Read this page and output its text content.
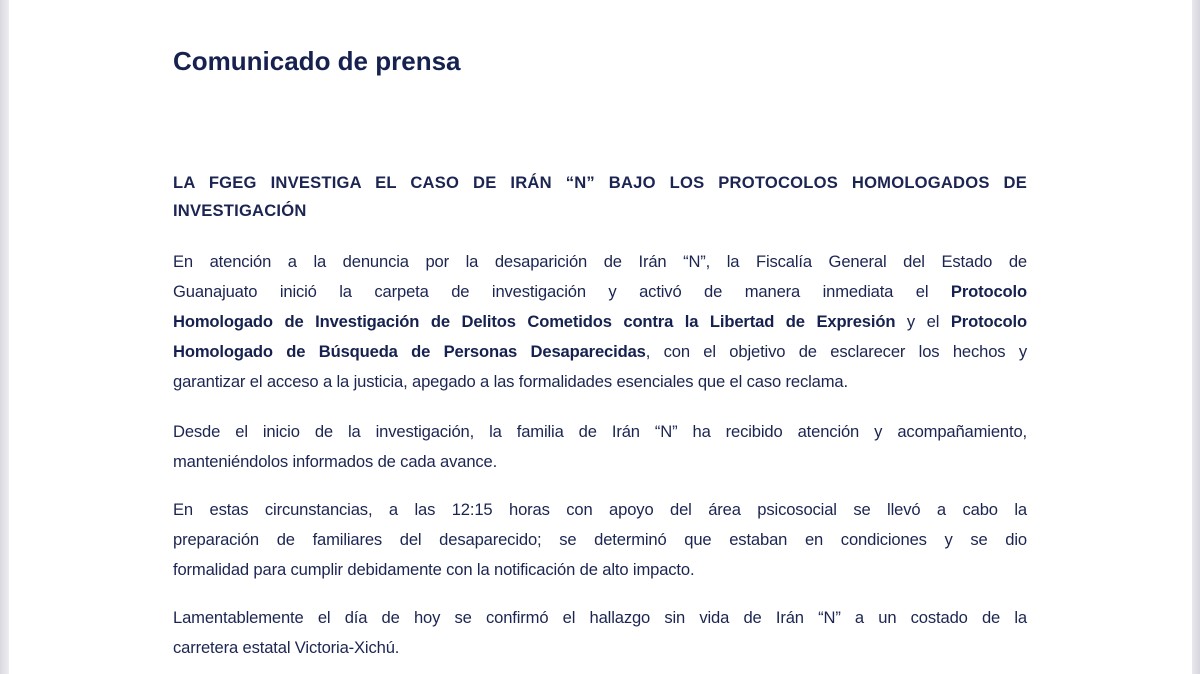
Comunicado de prensa
LA FGEG INVESTIGA EL CASO DE IRÁN “N” BAJO LOS PROTOCOLOS HOMOLOGADOS DE
INVESTIGACIÓN
En atención a la denuncia por la desaparición de Irán “N”, la Fiscalía General del Estado de
Guanajuato inició la carpeta de investigación y activó de manera inmediata el Protocolo
Homologado de Investigación de Delitos Cometidos contra la Libertad de Expresión y el Protocolo
Homologado de Búsqueda de Personas Desaparecidas, con el objetivo de esclarecer los hechos y
garantizar el acceso a la justicia, apegado a las formalidades esenciales que el caso reclama.
Desde el inicio de la investigación, la familia de Irán “N” ha recibido atención y acompañamiento,
manteniéndolos informados de cada avance.
En estas circunstancias, a las 12:15 horas con apoyo del área psicosocial se llevó a cabo la
preparación de familiares del desaparecido; se determinó que estaban en condiciones y se dio
formalidad para cumplir debidamente con la notificación de alto impacto.
Lamentablemente el día de hoy se confirmó el hallazgo sin vida de Irán “N” a un costado de la
carretera estatal Victoria-Xichú.
